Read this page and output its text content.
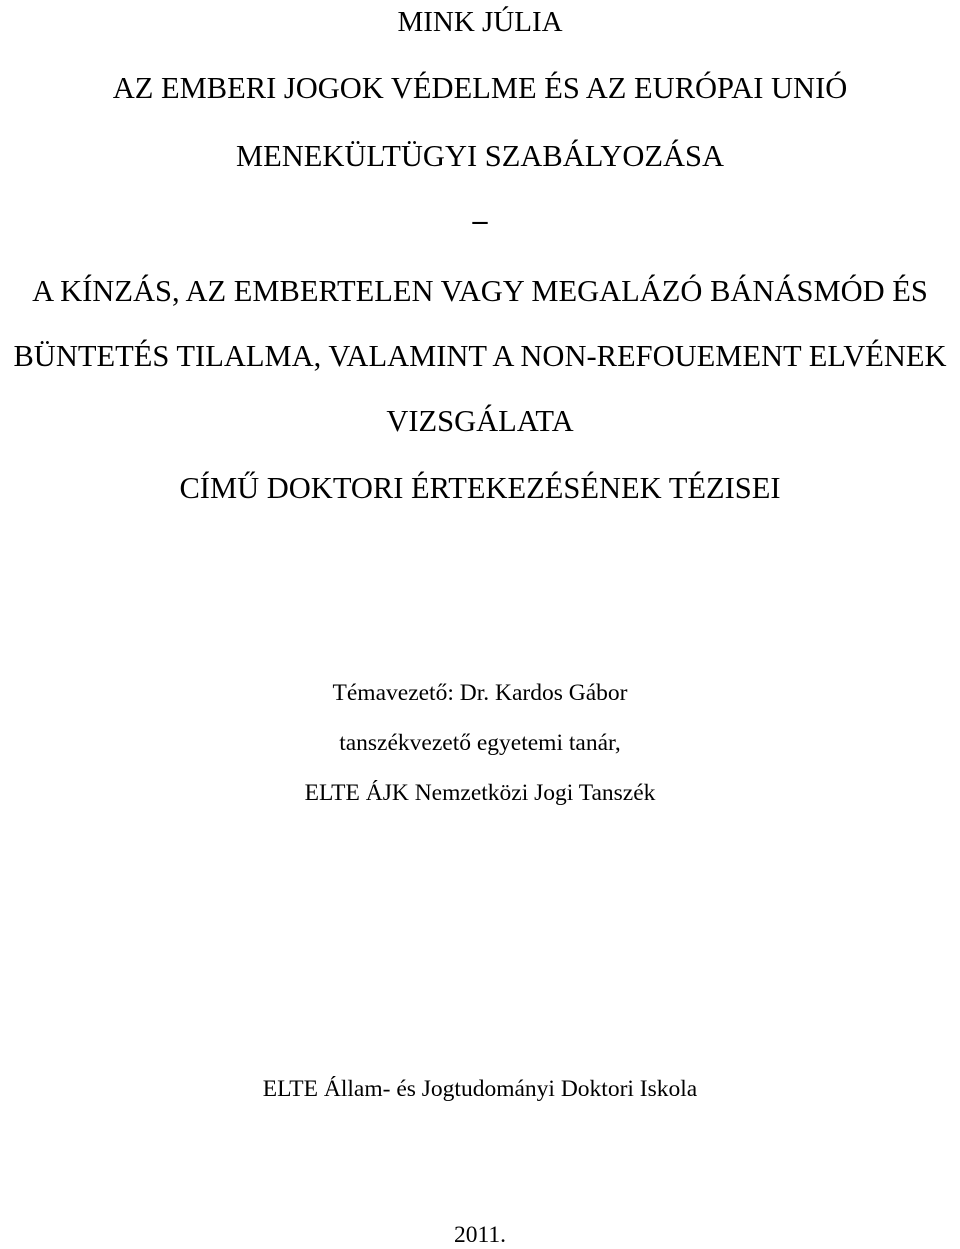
MINK JÚLIA
AZ EMBERI JOGOK VÉDELME ÉS AZ EURÓPAI UNIÓ
MENEKÜLTÜGYI SZABÁLYOZÁSA
–
A KÍNZÁS, AZ EMBERTELEN VAGY MEGALÁZÓ BÁNÁSMÓD ÉS
BÜNTETÉS TILALMA, VALAMINT A NON-REFOUEMENT ELVÉNEK
VIZSGÁLATA
CÍMŰ DOKTORI ÉRTEKEZÉSÉNEK TÉZISEI
Témavezető: Dr. Kardos Gábor
tanszékvezető egyetemi tanár,
ELTE ÁJK Nemzetközi Jogi Tanszék
ELTE Állam- és Jogtudományi Doktori Iskola
2011.
